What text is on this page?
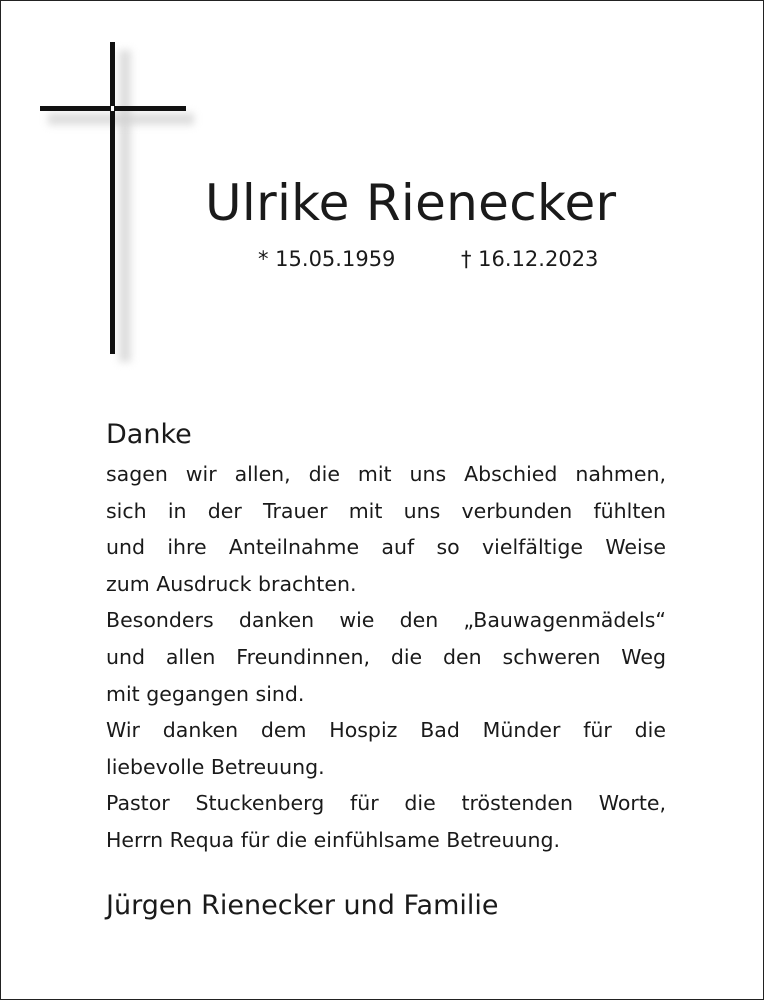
Ulrike Rienecker
* 15.05.1959	† 16.12.2023
Danke
sagen wir allen, die mit uns Abschied nahmen,
sich in der Trauer mit uns verbunden fühlten
und ihre Anteilnahme auf so vielfältige Weise
zum Ausdruck brachten.
Besonders danken wie den „Bauwagenmädels“
und allen Freundinnen, die den schweren Weg
mit gegangen sind.
Wir danken dem Hospiz Bad Münder für die
liebevolle Betreuung.
Pastor Stuckenberg für die tröstenden Worte,
Herrn Requa für die einfühlsame Betreuung.
Jürgen Rienecker und Familie
